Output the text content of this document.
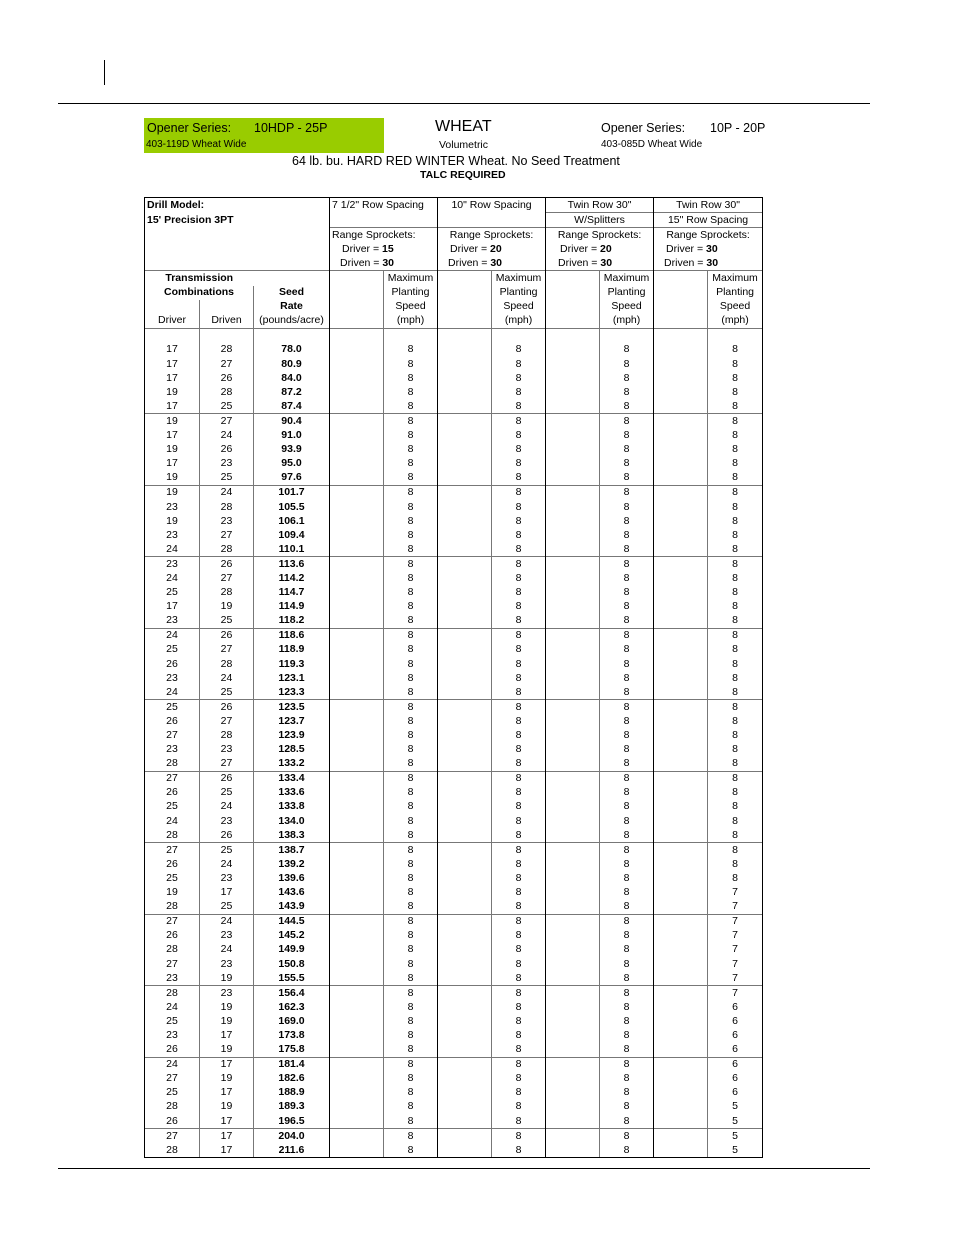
Opener Series: 10HDP - 25P
403-119D Wheat Wide
WHEAT
Volumetric
Opener Series: 10P - 20P
403-085D Wheat Wide
64 lb. bu. HARD RED WINTER Wheat. No Seed Treatment
TALC REQUIRED
Drill Model:			7 1/2" Row Spacing		10" Row Spacing		Twin Row 30"		Twin Row 30"	
15' Precision 3PT							W/Splitters		15" Row Spacing	
			Range Sprockets:		Range Sprockets:		Range Sprockets:		Range Sprockets:	
			Driver = 15		Driver = 20		Driver = 20		Driver = 30	
			Driven = 30		Driven = 30		Driven = 30		Driven = 30	
Transmission				Maximum		Maximum		Maximum		Maximum
Combinations		Seed		Planting		Planting		Planting		Planting
		Rate		Speed		Speed		Speed		Speed
Driver	Driven	(pounds/acre)		(mph)		(mph)		(mph)		(mph)

17	28	78.0		8		8		8		8
17	27	80.9		8		8		8		8
17	26	84.0		8		8		8		8
19	28	87.2		8		8		8		8
17	25	87.4		8		8		8		8
19	27	90.4		8		8		8		8
17	24	91.0		8		8		8		8
19	26	93.9		8		8		8		8
17	23	95.0		8		8		8		8
19	25	97.6		8		8		8		8
19	24	101.7		8		8		8		8
23	28	105.5		8		8		8		8
19	23	106.1		8		8		8		8
23	27	109.4		8		8		8		8
24	28	110.1		8		8		8		8
23	26	113.6		8		8		8		8
24	27	114.2		8		8		8		8
25	28	114.7		8		8		8		8
17	19	114.9		8		8		8		8
23	25	118.2		8		8		8		8
24	26	118.6		8		8		8		8
25	27	118.9		8		8		8		8
26	28	119.3		8		8		8		8
23	24	123.1		8		8		8		8
24	25	123.3		8		8		8		8
25	26	123.5		8		8		8		8
26	27	123.7		8		8		8		8
27	28	123.9		8		8		8		8
23	23	128.5		8		8		8		8
28	27	133.2		8		8		8		8
27	26	133.4		8		8		8		8
26	25	133.6		8		8		8		8
25	24	133.8		8		8		8		8
24	23	134.0		8		8		8		8
28	26	138.3		8		8		8		8
27	25	138.7		8		8		8		8
26	24	139.2		8		8		8		8
25	23	139.6		8		8		8		8
19	17	143.6		8		8		8		7
28	25	143.9		8		8		8		7
27	24	144.5		8		8		8		7
26	23	145.2		8		8		8		7
28	24	149.9		8		8		8		7
27	23	150.8		8		8		8		7
23	19	155.5		8		8		8		7
28	23	156.4		8		8		8		7
24	19	162.3		8		8		8		6
25	19	169.0		8		8		8		6
23	17	173.8		8		8		8		6
26	19	175.8		8		8		8		6
24	17	181.4		8		8		8		6
27	19	182.6		8		8		8		6
25	17	188.9		8		8		8		6
28	19	189.3		8		8		8		5
26	17	196.5		8		8		8		5
27	17	204.0		8		8		8		5
28	17	211.6		8		8		8		5
